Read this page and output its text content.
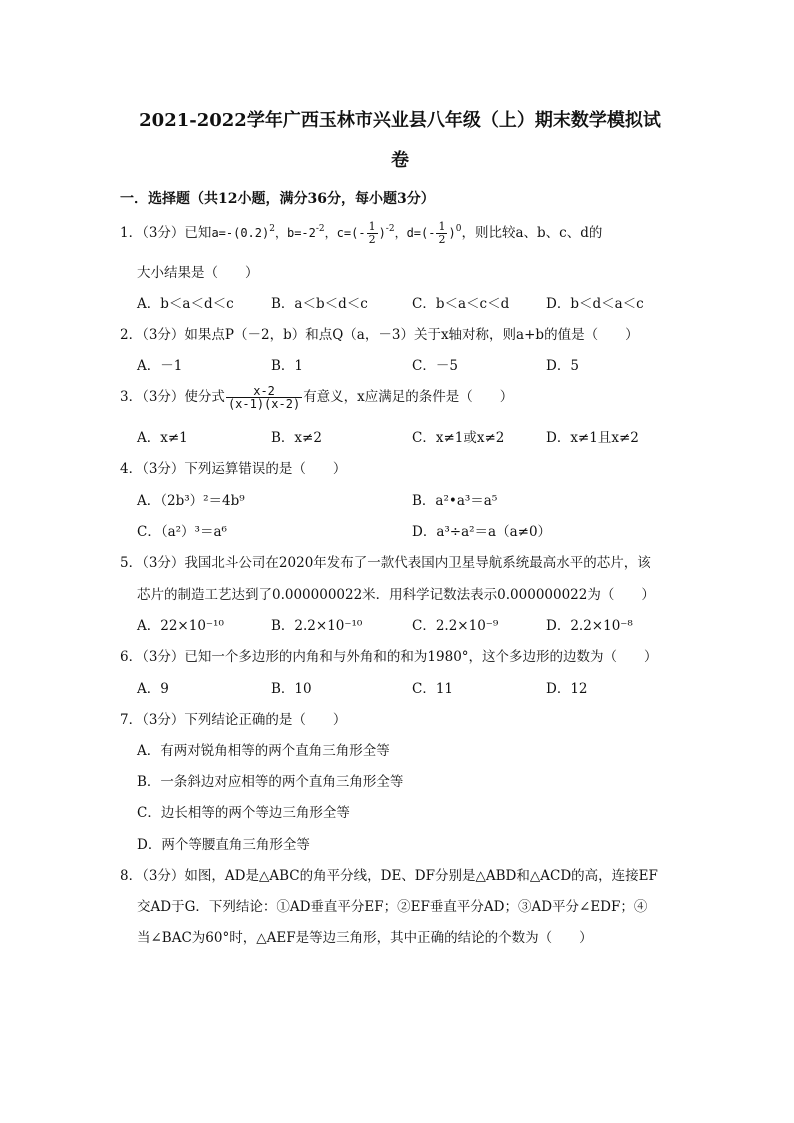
2021-2022学年广西玉林市兴业县八年级（上）期末数学模拟试
卷
一．选择题（共12小题，满分36分，每小题3分）
1．（3分）已知$a=-(0.2)^2$，$b=-2^{-2}$，$c=(- \frac{1}{2} )^{-2}$，$d=(- \frac{1}{2} )^0$，则比较a、b、c、d的
大小结果是（　　）
A．b＜a＜d＜c	B．a＜b＜d＜c	C．b＜a＜c＜d	D．b＜d＜a＜c
2．（3分）如果点P（－2，b）和点Q（a，－3）关于x轴对称，则a+b的值是（　　）
A．－1	B．1	C．－5	D．5
3．（3分）使分式 $\frac{x-2}{(x-1)(x-2)}$ 有意义，x应满足的条件是（　　）
A．x≠1	B．x≠2	C．x≠1或x≠2	D．x≠1且x≠2
4．（3分）下列运算错误的是（　　）
A．（2b³）²＝4b⁹	B．a²•a³＝a⁵
C．（a²）³＝a⁶	D．a³÷a²＝a（a≠0）
5．（3分）我国北斗公司在2020年发布了一款代表国内卫星导航系统最高水平的芯片，该
芯片的制造工艺达到了0.000000022米．用科学记数法表示0.000000022为（　　）
A．22×10⁻¹⁰	B．2.2×10⁻¹⁰	C．2.2×10⁻⁹	D．2.2×10⁻⁸
6．（3分）已知一个多边形的内角和与外角和的和为1980°，这个多边形的边数为（　　）
A．9	B．10	C．11	D．12
7．（3分）下列结论正确的是（　　）
A．有两对锐角相等的两个直角三角形全等
B．一条斜边对应相等的两个直角三角形全等
C．边长相等的两个等边三角形全等
D．两个等腰直角三角形全等
8．（3分）如图，AD是△ABC的角平分线，DE、DF分别是△ABD和△ACD的高，连接EF
交AD于G．下列结论：①AD垂直平分EF；②EF垂直平分AD；③AD平分∠EDF；④
当∠BAC为60°时，△AEF是等边三角形，其中正确的结论的个数为（　　）
